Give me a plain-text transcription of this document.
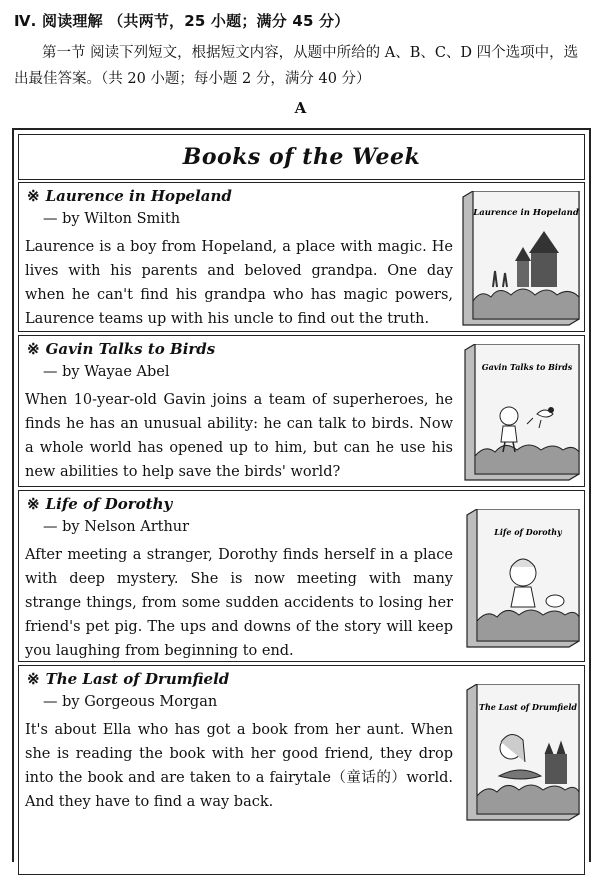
Ⅳ. 阅读理解 （共两节，25 小题；满分 45 分）
第一节 阅读下列短文，根据短文内容，从题中所给的 A、B、C、D 四个选项中，选出最佳答案。（共 20 小题；每小题 2 分，满分 40 分）
A
Books of the Week
※ Laurence in Hopeland
— by Wilton Smith
Laurence is a boy from Hopeland, a place with magic. He lives with his parents and beloved grandpa. One day when he can't find his grandpa who has magic powers, Laurence teams up with his uncle to find out the truth.
Laurence in Hopeland
※ Gavin Talks to Birds
— by Wayae Abel
When 10-year-old Gavin joins a team of superheroes, he finds he has an unusual ability: he can talk to birds. Now a whole world has opened up to him, but can he use his new abilities to help save the birds' world?
Gavin Talks to Birds
※ Life of Dorothy
— by Nelson Arthur
After meeting a stranger, Dorothy finds herself in a place with deep mystery. She is now meeting with many strange things, from some sudden accidents to losing her friend's pet pig. The ups and downs of the story will keep you laughing from beginning to end.
Life of Dorothy
※ The Last of Drumfield
— by Gorgeous Morgan
It's about Ella who has got a book from her aunt. When she is reading the book with her good friend, they drop into the book and are taken to a fairytale（童话的）world. And they have to find a way back.
The Last of Drumfield
